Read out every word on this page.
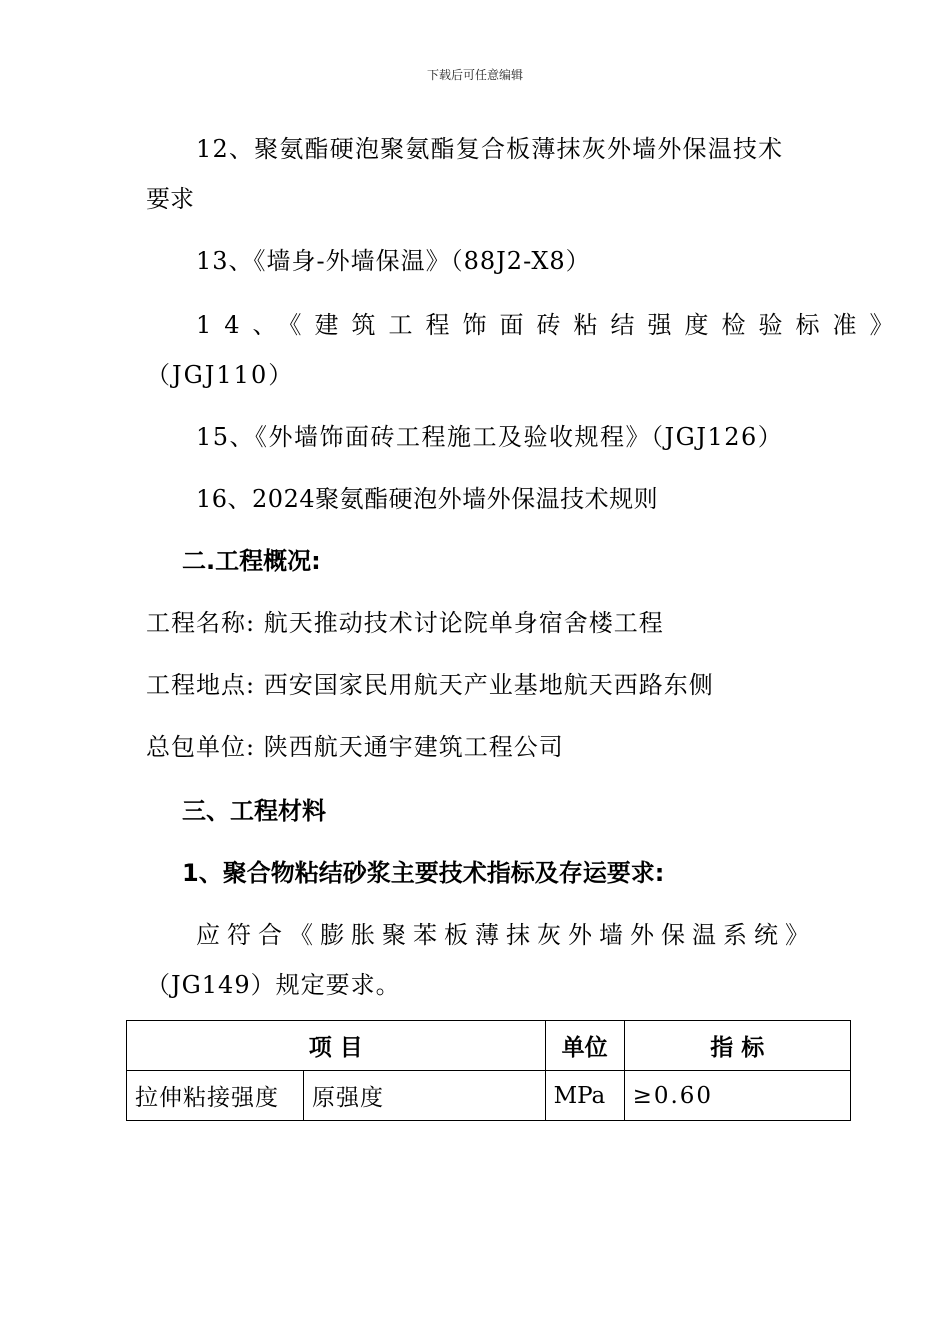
下载后可任意编辑
12、聚氨酯硬泡聚氨酯复合板薄抹灰外墙外保温技术
要求
13、《墙身-外墙保温》（88J2-X8）
14、《建筑工程饰面砖粘结强度检验标准》
（JGJ110）
15、《外墙饰面砖工程施工及验收规程》（JGJ126）
16、2024聚氨酯硬泡外墙外保温技术规则
二.工程概况:
工程名称: 航天推动技术讨论院单身宿舍楼工程
工程地点: 西安国家民用航天产业基地航天西路东侧
总包单位: 陕西航天通宇建筑工程公司
三、工程材料
1、聚合物粘结砂浆主要技术指标及存运要求:
应符合《膨胀聚苯板薄抹灰外墙外保温系统》
（JG149）规定要求。
项 目		单位	指 标
拉伸粘接强度	原强度	MPa	≥0.60
